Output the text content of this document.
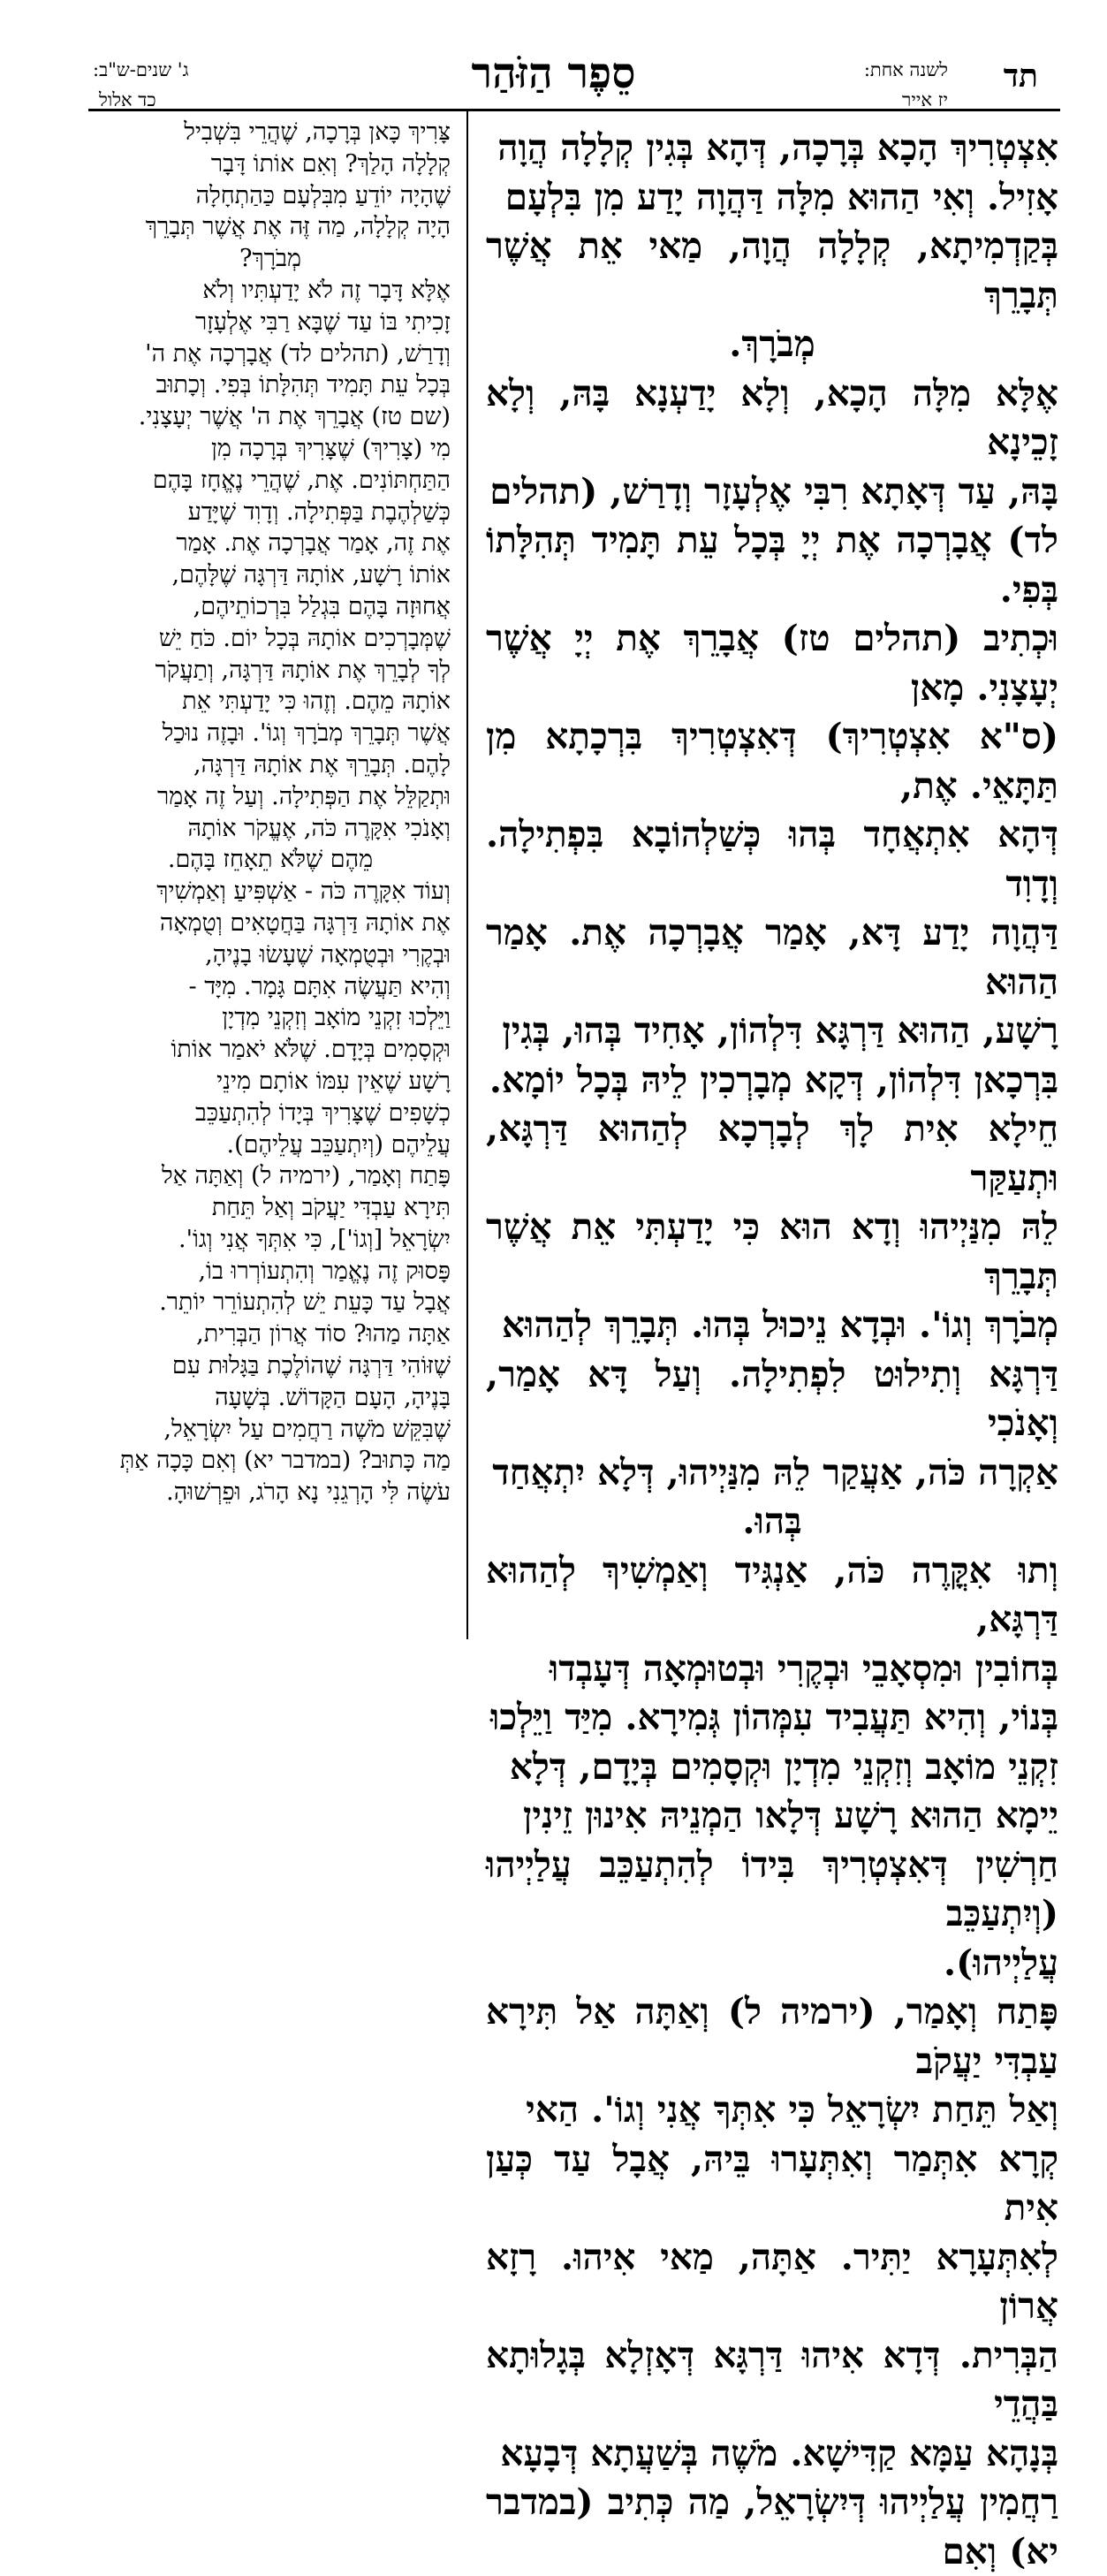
תד
לשנה אחת:
יז אייר
סֵפֶר הַזֹּהַר
ג' שנים-ש"ב:
כד אלול

אִצְטְרִיךְ הָכָא בְּרָכָה, דְּהָא בְּגִין קְלָלָה הֲוָה

אָזִיל. וְאִי הַהוּא מִלָּה דַּהֲוָה יָדַע מִן בִּלְעָם

בְּקַדְמִיתָא, קְלָלָה הֲוָה, מַאי אֵת אֲשֶׁר תְּבָרֵךְ

מְבֹרָךְ.

אֶלָּא מִלָּה הָכָא, וְלָא יָדַעְנָא בָּהּ, וְלָא זָכֵינָא

בָּהּ, עַד דְּאָתָא רִבִּי אֶלְעָזָר וְדָרַשׁ, (תהלים

לד) אֲבָרְכָה אֶת יְיָ בְּכָל עֵת תָּמִיד תְּהִלָּתוֹ בְּפִי.

וּכְתִיב (תהלים טז) אֲבָרֵךְ אֶת יְיָ אֲשֶׁר יְעָצָנִי. מָאן

(ס"א אִצְטְרִיךְ) דְּאִצְטְרִיךְ בִּרְכָתָא מִן תַּתָּאֵי. אֶת,

דְּהָא אִתְאֲחָד בְּהוּ כְּשַׁלְהוֹבָא בִּפְתִילָה. וְדָוִד

דַּהֲוָה יָדַע דָּא, אָמַר אֲבָרְכָה אֶת. אָמַר הַהוּא

רָשָׁע, הַהוּא דַּרְגָּא דִּלְהוֹן, אָחִיד בְּהוּ, בְּגִין

בִּרְכָאן דִּלְהוֹן, דְּקָא מְבָרְכִין לֵיהּ בְּכָל יוֹמָא.

חֵילָא אִית לָךְ לְבָרְכָא לְהַהוּא דַּרְגָּא, וּתְעַקַּר

לֵהּ מִנַּיְיהוּ וְדָא הוּא כִּי יָדַעְתִּי אֵת אֲשֶׁר תְּבָרֵךְ

מְבֹרָךְ וְגוֹ'. וּבְדָא נֵיכוּל בְּהוּ. תְּבָרֵךְ לְהַהוּא

דַּרְגָּא וְתִילוּט לִפְתִילָה. וְעַל דָּא אָמַר, וְאָנֹכִי

אַקְרָה כֹּה, אַעֲקַר לֵהּ מִנַּיְיהוּ, דְּלָא יִתְאֲחַד

בְּהוּ.

וְתוּ אִקֳּרֶה כֹּה, אַנְגִּיד וְאַמְשִׁיךְ לְהַהוּא דַּרְגָּא,

בְּחוֹבִין וּמִסְאָבֵי וּבְקֶרִי וּבְטוּמְאָה דְּעָבְדוּ

בְּנוֹי, וְהִיא תַּעֲבִיד עִמְּהוֹן גְּמִירָא. מִיַּד וַיֵּלְכוּ

זִקְנֵי מוֹאָב וְזִקְנֵי מִדְיָן וּקְסָמִים בְּיָדָם, דְּלָא

יֵימָא הַהוּא רָשָׁע דְּלָאו הַמְנֵיהּ אִינוּן זֵינִין

חַרְשִׁין דְּאִצְטְרִיךְ בִּידוֹ לְהִתְעַכֵּב עֲלַיְיהוּ (וְיִתְעַכֵּב

עֲלַיְיהוּ).

פָּתַח וְאָמַר, (ירמיה ל) וְאַתָּה אַל תִּירָא עַבְדִּי יַעֲקֹב

וְאַל תֵּחַת יִשְׂרָאֵל כִּי אִתְּךָ אֲנִי וְגוֹ'. הַאי

קְרָא אִתְּמַר וְאִתְּעָרוּ בֵּיהּ, אֲבָל עַד כְּעַן אִית

לְאִתְּעָרָא יַתִּיר. אַתָּה, מַאי אִיהוּ. רָזָא אֲרוֹן

הַבְּרִית. דְּדָא אִיהוּ דַּרְגָּא דְּאָזְלָא בְּגָלוּתָא בַּהֲדֵי

בְּנָהָא עַמָּא קַדִּישָׁא. מֹשֶׁה בְּשַׁעֲתָא דְּבָעָא

רַחֲמִין עֲלַיְיהוּ דְּיִשְׂרָאֵל, מַה כְּתִיב (במדבר יא) וְאִם

צָּרִיךְ כָּאן בְּרָכָה, שֶׁהֲרֵי בִּשְׁבִיל

קְלָלָה הָלַךְ? וְאִם אוֹתוֹ דָּבָר

שֶׁהָיָה יוֹדֵעַ מִבִּלְעָם כַּהַתְחָלָה

הָיָה קְלָלָה, מַה זֶּה אֶת אֲשֶׁר תְּבָרֵךְ

מְבֹרָךְ?

אֶלָּא דָּבָר זֶה לֹא יָדַעְתִּיו וְלֹא

זָכִיתִי בּוֹ עַד שֶׁבָּא רַבִּי אֶלְעָזָר

וְדָרַשׁ, (תהלים לד) אֲבָרְכָה אֶת ה'

בְּכָל עֵת תָּמִיד תְּהִלָּתוֹ בְּפִי. וְכָתוּב

(שם טז) אֲבָרֵךְ אֶת ה' אֲשֶׁר יְעָצָנִי.

מִי (צָרִיךְ) שֶׁצָּרִיךְ בְּרָכָה מִן

הַתַּחְתּוֹנִים. אֶת, שֶׁהֲרֵי נֶאֱחָז בָּהֶם

כְּשַׁלְהֶבֶת בַּפְּתִילָה. וְדָוִד שֶׁיָּדַע

אֶת זֶה, אָמַר אֲבָרְכָה אֶת. אָמַר

אוֹתוֹ רָשָׁע, אוֹתָהּ דַּרְגָּה שֶׁלָּהֶם,

אֲחוּזָה בָּהֶם בִּגְלַל בִּרְכוֹתֵיהֶם,

שֶׁמְּבָרְכִים אוֹתָהּ בְּכָל יוֹם. כֹּחַ יֵשׁ

לְךָ לְבָרֵךְ אֶת אוֹתָהּ דַּרְגָּה, וְתַעֲקֹר

אוֹתָהּ מֵהֶם. וְזֶהוּ כִּי יָדַעְתִּי אֵת

אֲשֶׁר תְּבָרֵךְ מְבֹרָךְ וְגוֹ'. וּבָזֶה נוּכַל

לָהֶם. תְּבָרֵךְ אֶת אוֹתָהּ דַּרְגָּה,

וּתְקַלֵּל אֶת הַפְּתִילָה. וְעַל זֶה אָמַר

וְאָנֹכִי אִקָּרֶה כֹּה, אֶעֱקֹר אוֹתָהּ

מֵהֶם שֶׁלֹּא תֵאָחֵז בָּהֶם.

וְעוֹד אִקָּרֶה כֹּה - אַשְׁפִּיעַ וְאַמְשִׁיךְ

אֶת אוֹתָהּ דַּרְגָּה בַּחֲטָאִים וְטֻמְאָה

וּבְקֶרִי וּבְטֻמְאָה שֶׁעָשׂוּ בָנֶיהָ,

וְהִיא תַּעֲשֶׂה אִתָּם גָּמָר. מִיָּד -

וַיֵּלְכוּ זִקְנֵי מוֹאָב וְזִקְנֵי מִדְיָן

וּקְסָמִים בְּיָדָם. שֶׁלֹּא יֹאמַר אוֹתוֹ

רָשָׁע שֶׁאֵין עִמּוֹ אוֹתָם מִינֵי

כְשָׁפִים שֶׁצָּרִיךְ בְּיָדוֹ לְהִתְעַכֵּב

עֲלֵיהֶם (וְיִתְעַכֵּב עֲלֵיהֶם).

פָּתַח וְאָמַר, (ירמיה ל) וְאַתָּה אַל

תִּירָא עַבְדִּי יַעֲקֹב וְאַל תֵּחַת

יִשְׂרָאֵל [וְגוֹ'], כִּי אִתְּךָ אֲנִי וְגוֹ'.

פָּסוּק זֶה נֶאֱמַר וְהִתְעוֹרְרוּ בוֹ,

אֲבָל עַד כָּעֵת יֵשׁ לְהִתְעוֹרֵר יוֹתֵר.

אַתָּה מַהוּ? סוֹד אֲרוֹן הַבְּרִית,

שֶׁזּוֹהִי דַּרְגָּה שֶׁהוֹלֶכֶת בַּגָּלוּת עִם

בָּנֶיהָ, הָעָם הַקָּדוֹשׁ. בְּשָׁעָה

שֶׁבִּקֵּשׁ מֹשֶׁה רַחֲמִים עַל יִשְׂרָאֵל,

מַה כָּתוּב? (במדבר יא) וְאִם כָּכָה אַתְּ

עֹשֶׂה לִּי הָרְגֵנִי נָא הָרֹג, וּפֵרְשׁוּהָ.
